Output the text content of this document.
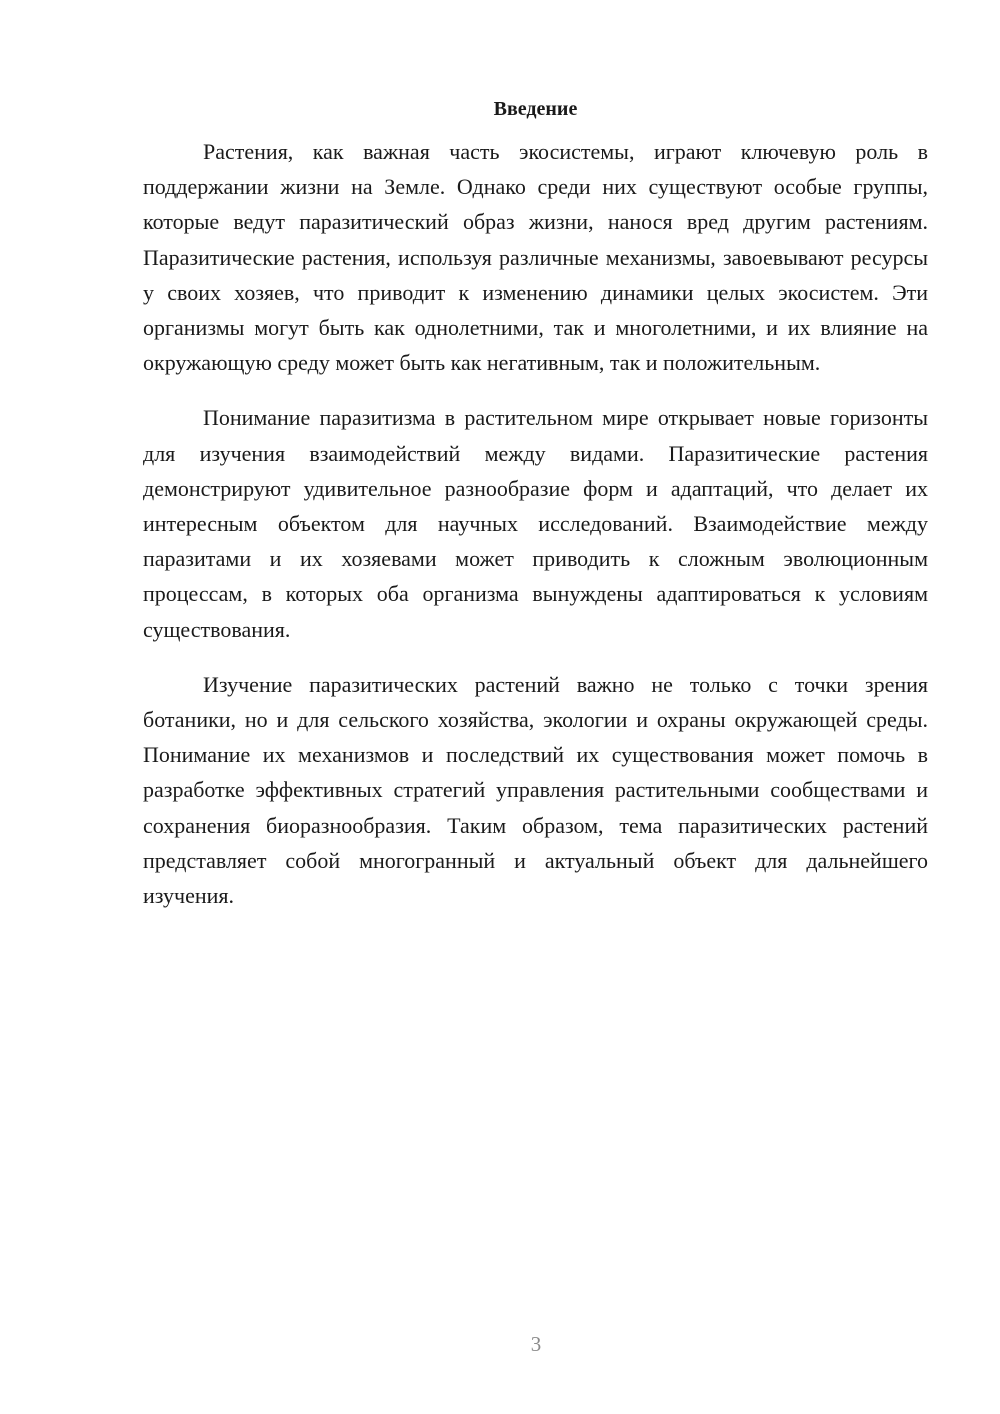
Введение

Растения, как важная часть экосистемы, играют ключевую роль в поддержании жизни на Земле. Однако среди них существуют особые группы, которые ведут паразитический образ жизни, нанося вред другим растениям. Паразитические растения, используя различные механизмы, завоевывают ресурсы у своих хозяев, что приводит к изменению динамики целых экосистем. Эти организмы могут быть как однолетними, так и многолетними, и их влияние на окружающую среду может быть как негативным, так и положительным.

Понимание паразитизма в растительном мире открывает новые горизонты для изучения взаимодействий между видами. Паразитические растения демонстрируют удивительное разнообразие форм и адаптаций, что делает их интересным объектом для научных исследований. Взаимодействие между паразитами и их хозяевами может приводить к сложным эволюционным процессам, в которых оба организма вынуждены адаптироваться к условиям существования.

Изучение паразитических растений важно не только с точки зрения ботаники, но и для сельского хозяйства, экологии и охраны окружающей среды. Понимание их механизмов и последствий их существования может помочь в разработке эффективных стратегий управления растительными сообществами и сохранения биоразнообразия. Таким образом, тема паразитических растений представляет собой многогранный и актуальный объект для дальнейшего изучения.

3
